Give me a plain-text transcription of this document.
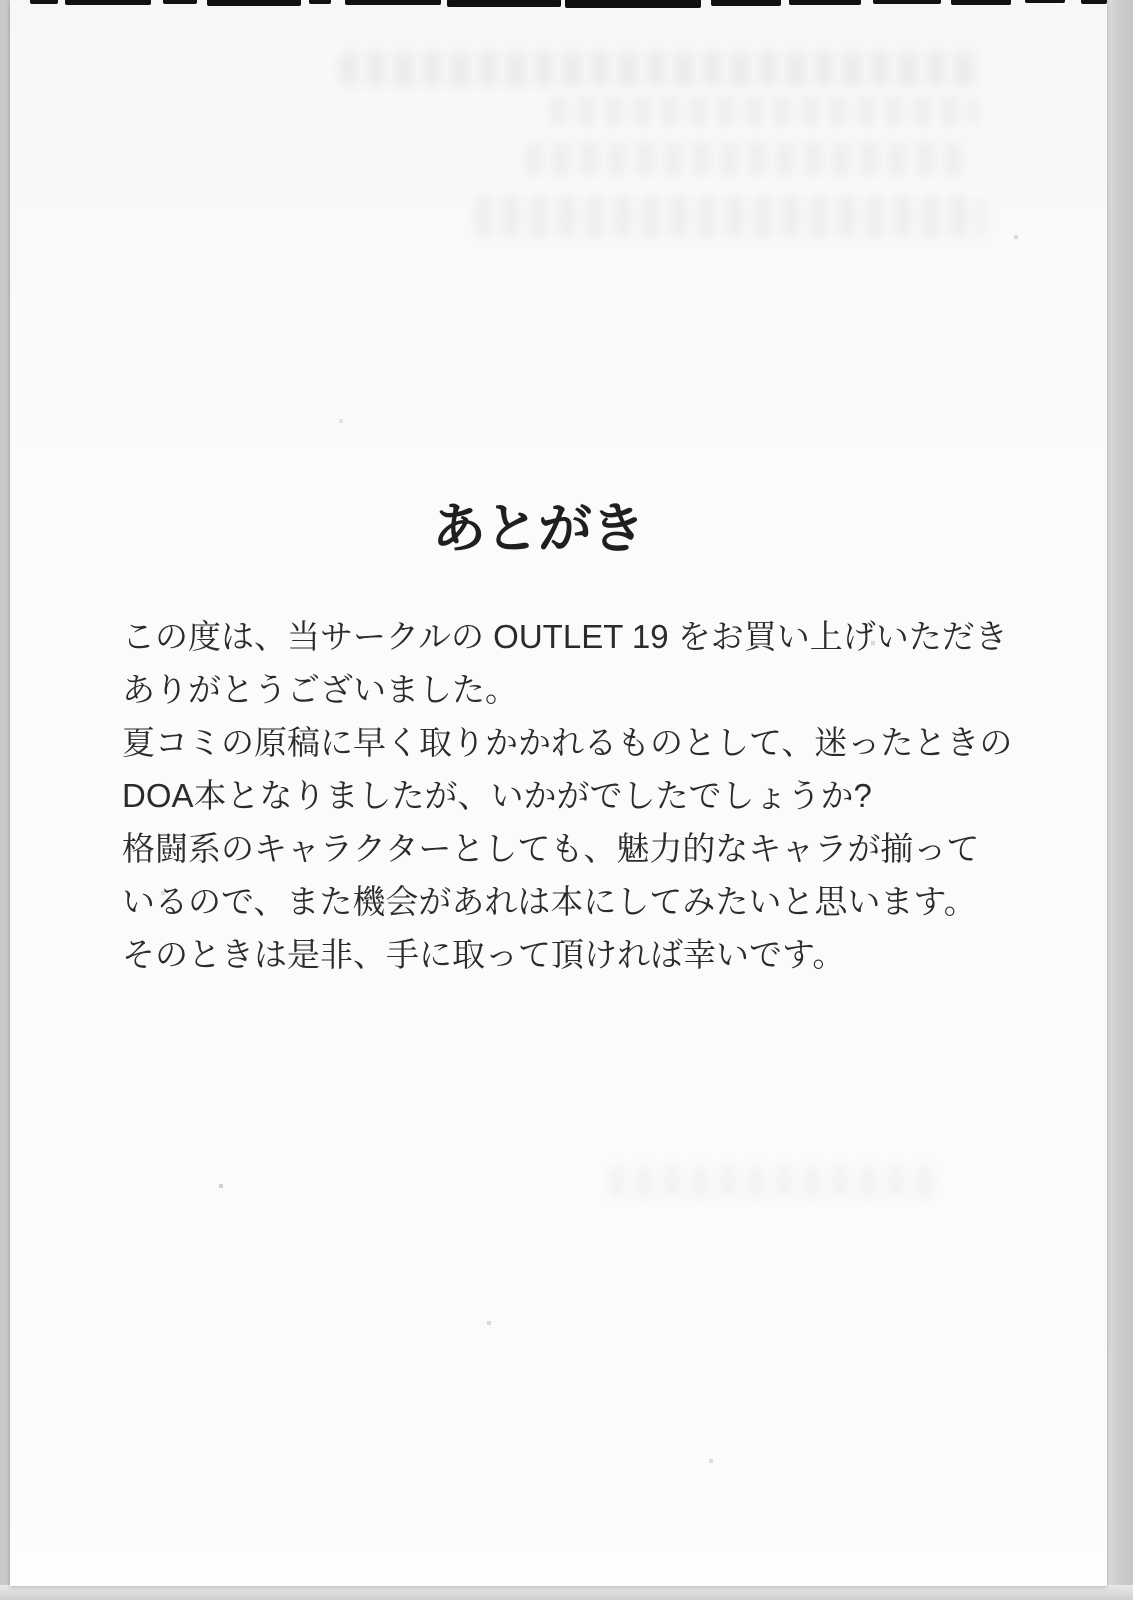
あとがき

この度は、当サークルの OUTLET 19 をお買い上げいただき

ありがとうございました。

夏コミの原稿に早く取りかかれるものとして、迷ったときの

DOA本となりましたが、いかがでしたでしょうか?

格闘系のキャラクターとしても、魅力的なキャラが揃って

いるので、また機会があれは本にしてみたいと思います。

そのときは是非、手に取って頂ければ幸いです。
